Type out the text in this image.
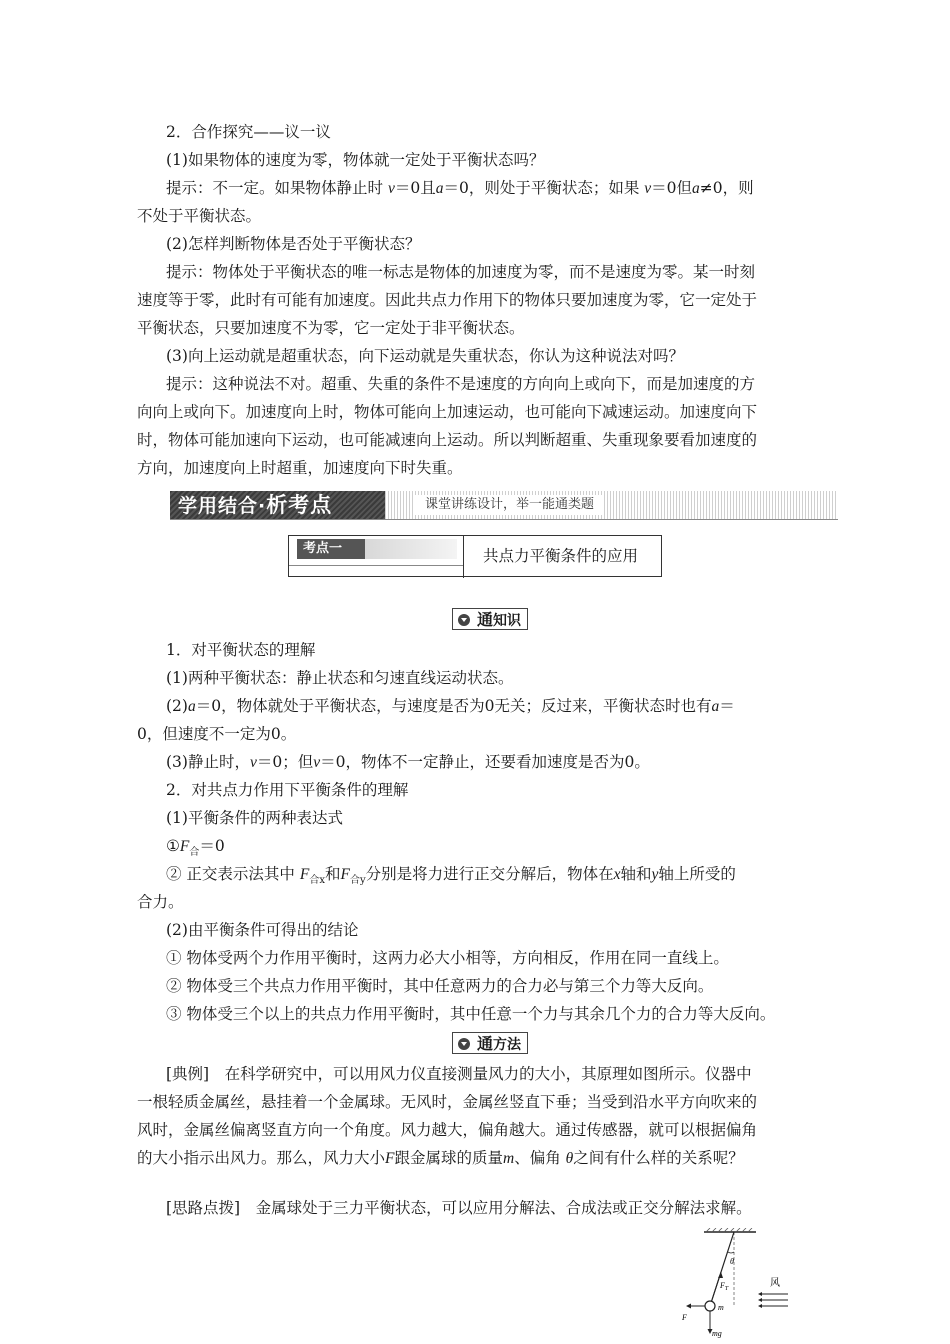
2．合作探究——议一议
(1)如果物体的速度为零，物体就一定处于平衡状态吗？
提示：不一定。如果物体静止时 v＝0且a＝0，则处于平衡状态；如果 v＝0但a≠0，则
不处于平衡状态。
(2)怎样判断物体是否处于平衡状态？
提示：物体处于平衡状态的唯一标志是物体的加速度为零，而不是速度为零。某一时刻
速度等于零，此时有可能有加速度。因此共点力作用下的物体只要加速度为零，它一定处于
平衡状态，只要加速度不为零，它一定处于非平衡状态。
(3)向上运动就是超重状态，向下运动就是失重状态，你认为这种说法对吗？
提示：这种说法不对。超重、失重的条件不是速度的方向向上或向下，而是加速度的方
向向上或向下。加速度向上时，物体可能向上加速运动，也可能向下减速运动。加速度向下
时，物体可能加速向下运动，也可能减速向上运动。所以判断超重、失重现象要看加速度的
方向，加速度向上时超重，加速度向下时失重。
学用结合·析考点	课堂讲练设计，举一能通类题
考点一	共点力平衡条件的应用
通知识
1．对平衡状态的理解
(1)两种平衡状态：静止状态和匀速直线运动状态。
(2)a＝0，物体就处于平衡状态，与速度是否为0无关；反过来，平衡状态时也有a＝
0，但速度不一定为0。
(3)静止时，v＝0；但v＝0，物体不一定静止，还要看加速度是否为0。
2．对共点力作用下平衡条件的理解
(1)平衡条件的两种表达式
$①F_合=0$
② 正交表示法其中 $F_{合x}$和$F_{合y}$分别是将力进行正交分解后，物体在x轴和y轴上所受的
合力。
(2)由平衡条件可得出的结论
① 物体受两个力作用平衡时，这两力必大小相等，方向相反，作用在同一直线上。
② 物体受三个共点力作用平衡时，其中任意两力的合力必与第三个力等大反向。
③ 物体受三个以上的共点力作用平衡时，其中任意一个力与其余几个力的合力等大反向。
通方法
[典例]　在科学研究中，可以用风力仪直接测量风力的大小，其原理如图所示。仪器中
一根轻质金属丝，悬挂着一个金属球。无风时，金属丝竖直下垂；当受到沿水平方向吹来的
风时，金属丝偏离竖直方向一个角度。风力越大，偏角越大。通过传感器，就可以根据偏角
的大小指示出风力。那么，风力大小F跟金属球的质量m、偏角 θ之间有什么样的关系呢？
[思路点拨]　金属球处于三力平衡状态，可以应用分解法、合成法或正交分解法求解。
θ
$F_T$
m
F
mg
风
